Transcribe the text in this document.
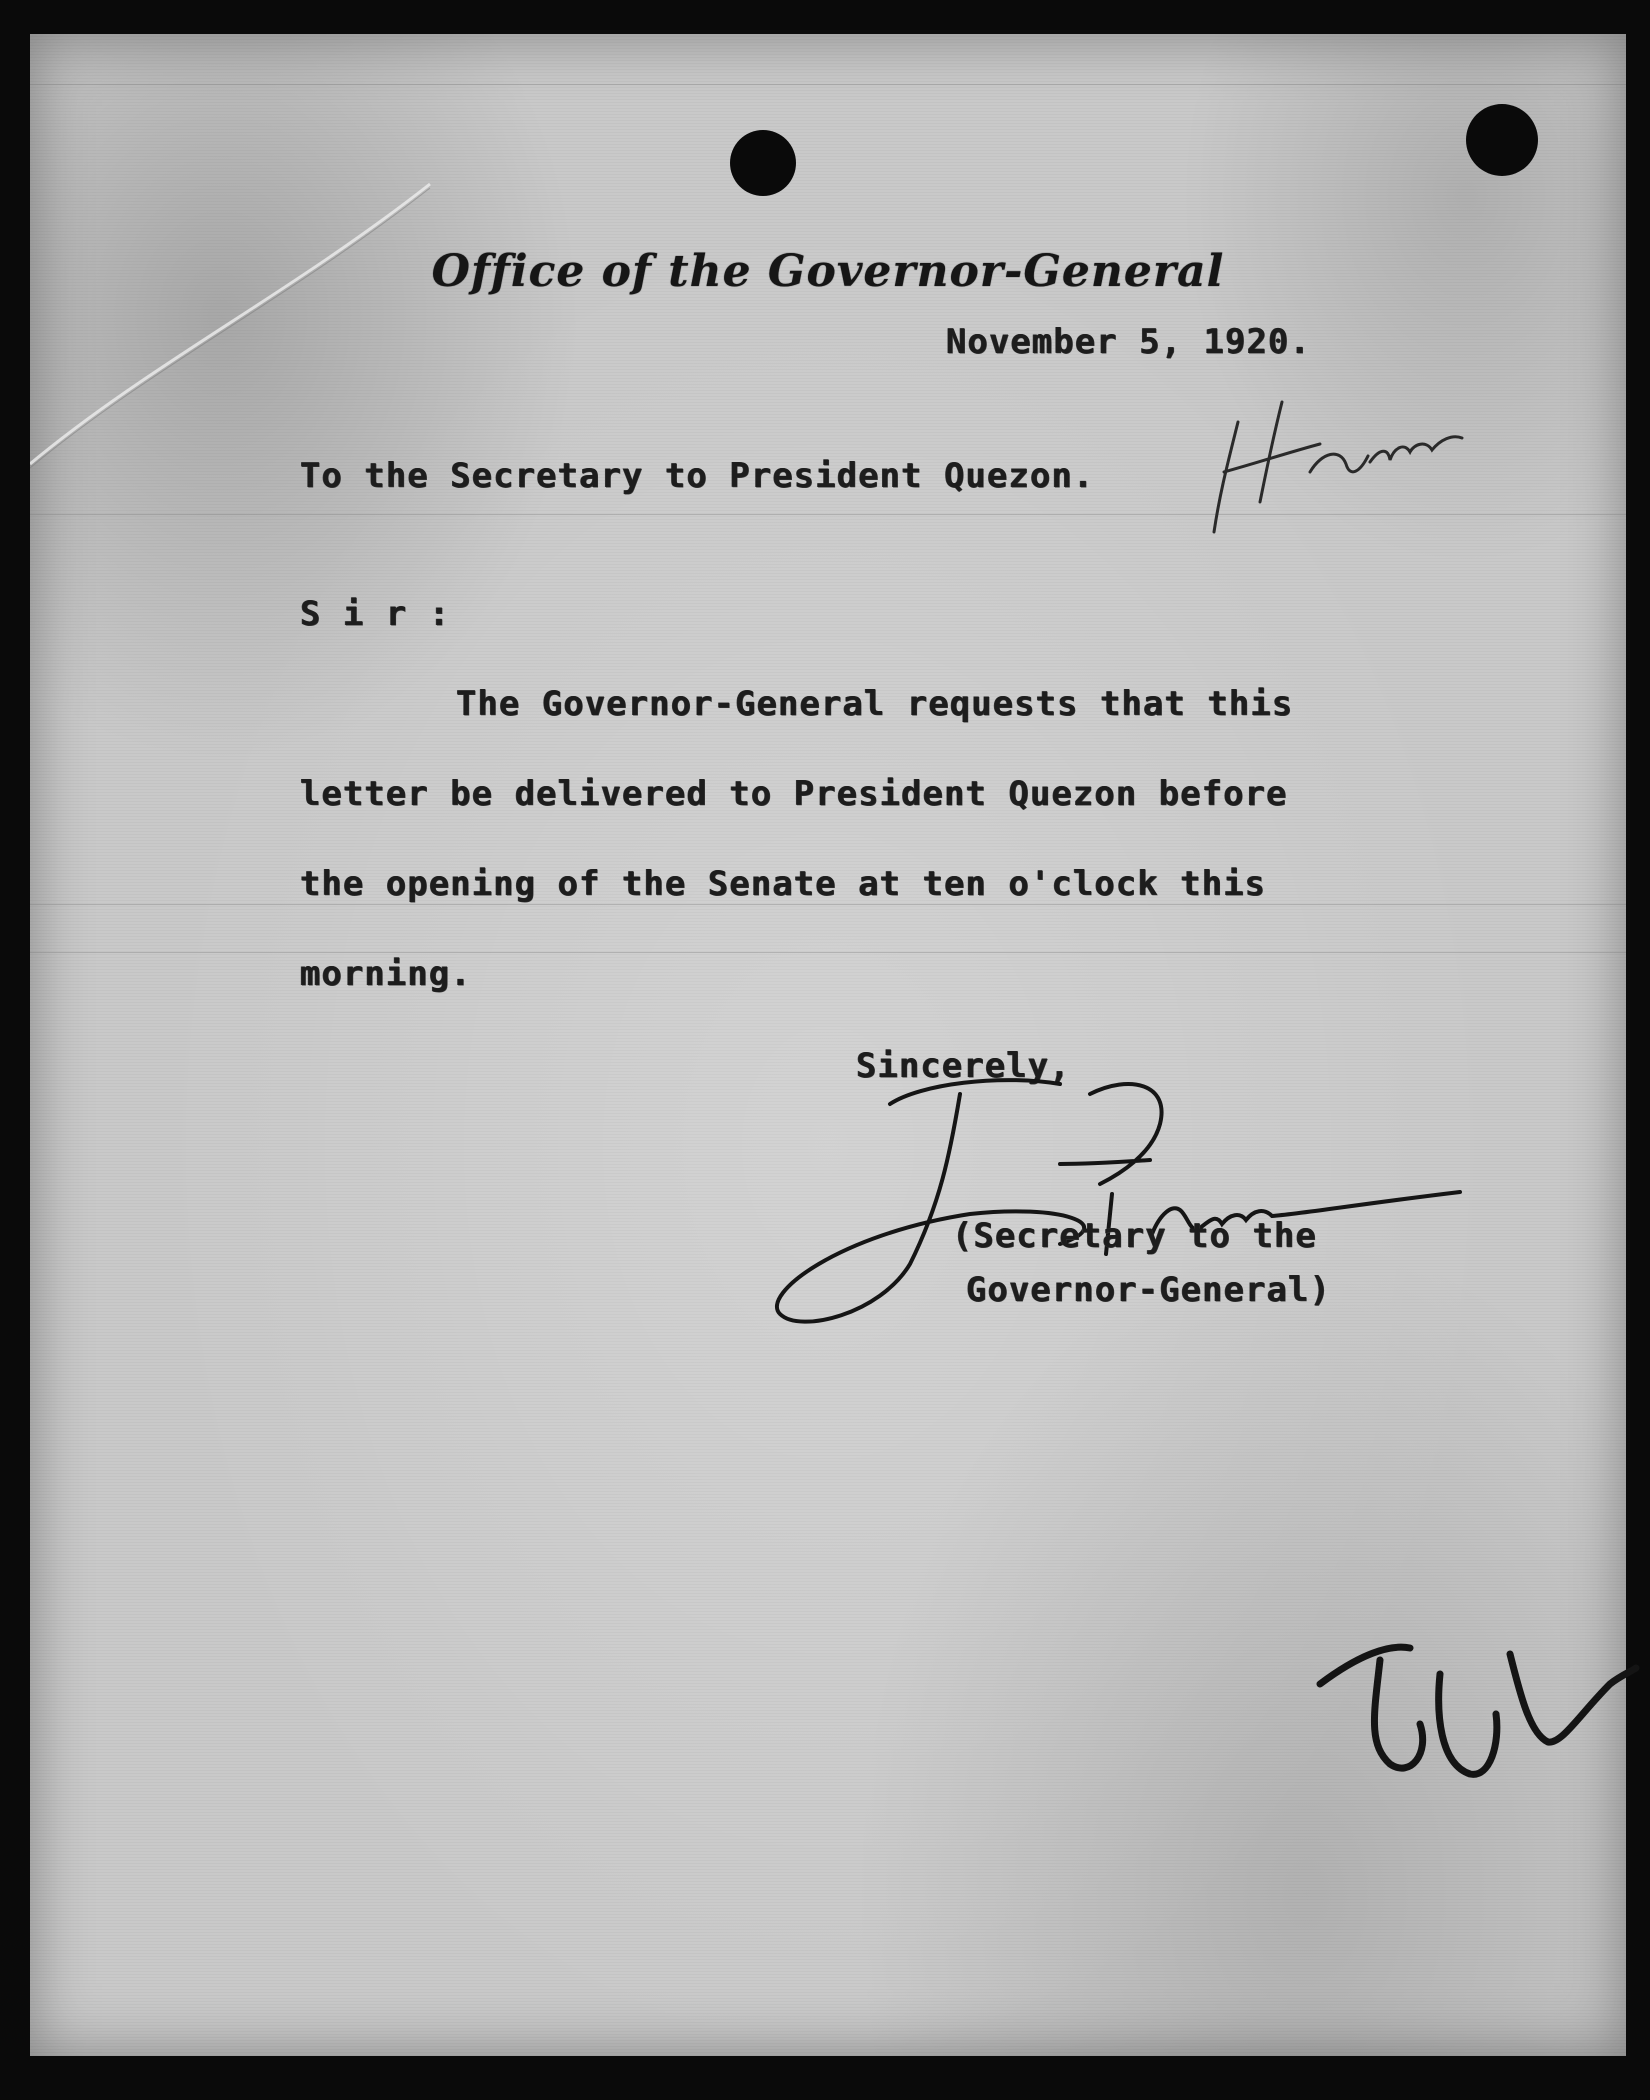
Office of the Governor-General
November 5, 1920.
To the Secretary to President Quezon.
S i r :
The Governor-General requests that this
letter be delivered to President Quezon before
the opening of the Senate at ten o'clock this
morning.
Sincerely,
(Secretary to the
Governor-General)
